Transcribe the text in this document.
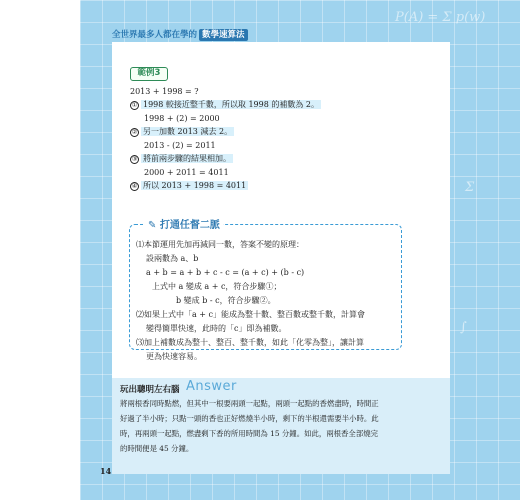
P(A) = Σ p(w)
Σ
∫
全世界最多人都在學的 數學速算法
範例3
2013 + 1998 = ?
① 1998 較接近整千數，所以取 1998 的補數為 2。
1998 + (2) = 2000
② 另一加數 2013 減去 2。
2013 - (2) = 2011
③ 將前兩步驟的結果相加。
2000 + 2011 = 4011
④ 所以 2013 + 1998 = 4011
✎ 打通任督二脈
⑴本節運用先加再減同一數，答案不變的原理：
設兩數為 a、b
a + b = a + b + c - c = (a + c) + (b - c)
上式中 a 變成 a + c，符合步驟①；
b 變成 b - c，符合步驟②。
⑵如果上式中「a + c」能成為整十數、整百數或整千數，計算會
變得簡單快速，此時的「c」即為補數。
⑶加上補數成為整十、整百、整千數，如此「化零為整」，讓計算
更為快速容易。
玩出聰明左右腦 Answer
將兩根香同時點燃，但其中一根要兩頭一起點，兩頭一起點的香燃盡時，時間正
好過了半小時；只點一頭的香也正好燃燒半小時，剩下的半根還需要半小時。此
時，再兩頭一起點，燃盡剩下香的所用時間為 15 分鐘。如此，兩根香全部燒完
的時間便是 45 分鐘。
14
